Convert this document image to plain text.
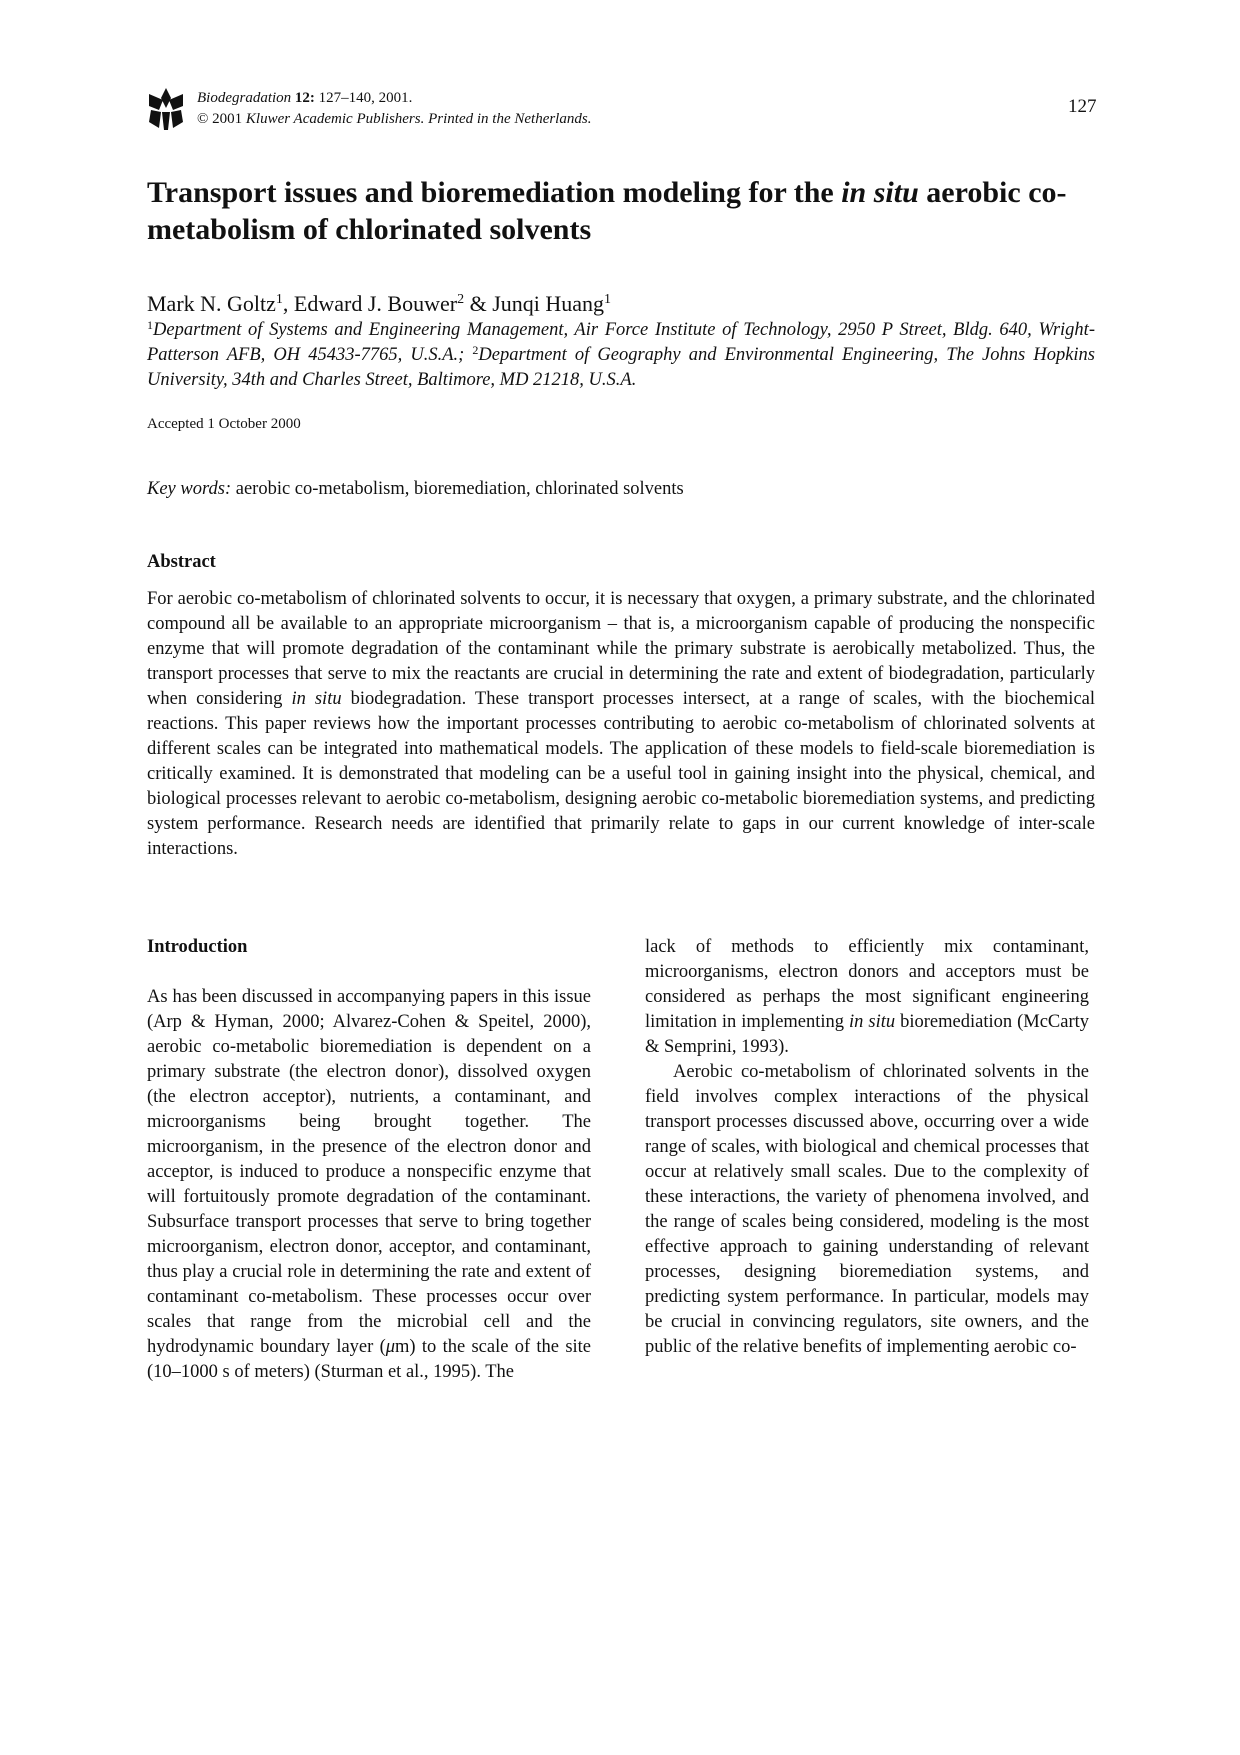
Biodegradation 12: 127–140, 2001.
© 2001 Kluwer Academic Publishers. Printed in the Netherlands.
127
Transport issues and bioremediation modeling for the in situ aerobic co-metabolism of chlorinated solvents
Mark N. Goltz$^1$, Edward J. Bouwer$^2$ & Junqi Huang$^1$
$^1$Department of Systems and Engineering Management, Air Force Institute of Technology, 2950 P Street, Bldg. 640, Wright-Patterson AFB, OH 45433-7765, U.S.A.; $^2$Department of Geography and Environmental Engineering, The Johns Hopkins University, 34th and Charles Street, Baltimore, MD 21218, U.S.A.
Accepted 1 October 2000
Key words: aerobic co-metabolism, bioremediation, chlorinated solvents
Abstract

For aerobic co-metabolism of chlorinated solvents to occur, it is necessary that oxygen, a primary substrate, and the chlorinated compound all be available to an appropriate microorganism – that is, a microorganism capable of producing the nonspecific enzyme that will promote degradation of the contaminant while the primary substrate is aerobically metabolized. Thus, the transport processes that serve to mix the reactants are crucial in determining the rate and extent of biodegradation, particularly when considering in situ biodegradation. These transport processes intersect, at a range of scales, with the biochemical reactions. This paper reviews how the important processes contributing to aerobic co-metabolism of chlorinated solvents at different scales can be integrated into mathematical models. The application of these models to field-scale bioremediation is critically examined. It is demonstrated that modeling can be a useful tool in gaining insight into the physical, chemical, and biological processes relevant to aerobic co-metabolism, designing aerobic co-metabolic bioremediation systems, and predicting system performance. Research needs are identified that primarily relate to gaps in our current knowledge of inter-scale interactions.

Introduction

As has been discussed in accompanying papers in this issue (Arp & Hyman, 2000; Alvarez-Cohen & Speitel, 2000), aerobic co-metabolic bioremediation is dependent on a primary substrate (the electron donor), dissolved oxygen (the electron acceptor), nutrients, a contaminant, and microorganisms being brought together. The microorganism, in the presence of the electron donor and acceptor, is induced to produce a nonspecific enzyme that will fortuitously promote degradation of the contaminant. Subsurface transport processes that serve to bring together microorganism, electron donor, acceptor, and contaminant, thus play a crucial role in determining the rate and extent of contaminant co-metabolism. These processes occur over scales that range from the microbial cell and the hydrodynamic boundary layer (μm) to the scale of the site (10–1000 s of meters) (Sturman et al., 1995). The

lack of methods to efficiently mix contaminant, microorganisms, electron donors and acceptors must be considered as perhaps the most significant engineering limitation in implementing in situ bioremediation (McCarty & Semprini, 1993).

Aerobic co-metabolism of chlorinated solvents in the field involves complex interactions of the physical transport processes discussed above, occurring over a wide range of scales, with biological and chemical processes that occur at relatively small scales. Due to the complexity of these interactions, the variety of phenomena involved, and the range of scales being considered, modeling is the most effective approach to gaining understanding of relevant processes, designing bioremediation systems, and predicting system performance. In particular, models may be crucial in convincing regulators, site owners, and the public of the relative benefits of implementing aerobic co-
